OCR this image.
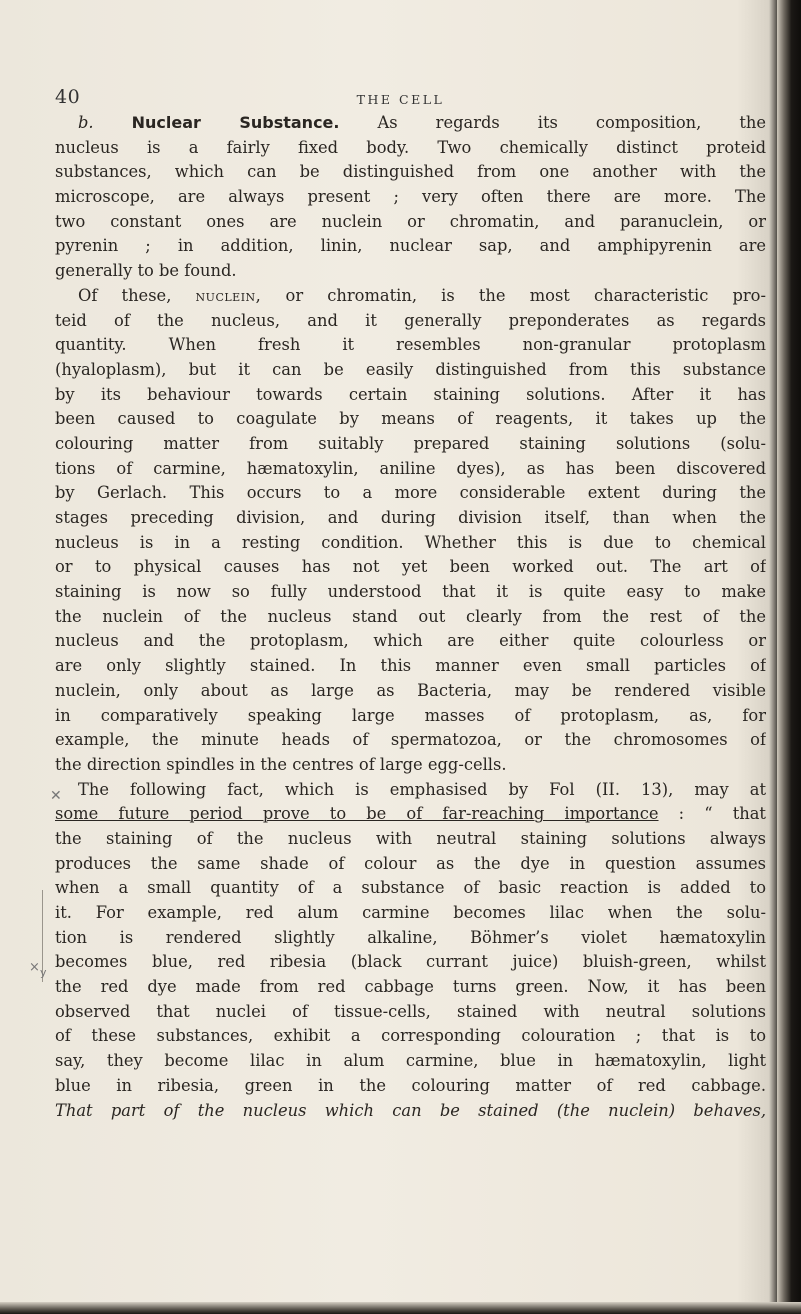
40	THE CELL
✕
× y
b. Nuclear Substance. As regards its composition, the
nucleus is a fairly fixed body. Two chemically distinct proteid
substances, which can be distinguished from one another with the
microscope, are always present ; very often there are more. The
two constant ones are nuclein or chromatin, and paranuclein, or
pyrenin ; in addition, linin, nuclear sap, and amphipyrenin are
generally to be found.
Of these, nuclein, or chromatin, is the most characteristic pro-
teid of the nucleus, and it generally preponderates as regards
quantity. When fresh it resembles non-granular protoplasm
(hyaloplasm), but it can be easily distinguished from this substance
by its behaviour towards certain staining solutions. After it has
been caused to coagulate by means of reagents, it takes up the
colouring matter from suitably prepared staining solutions (solu-
tions of carmine, hæmatoxylin, aniline dyes), as has been discovered
by Gerlach. This occurs to a more considerable extent during the
stages preceding division, and during division itself, than when the
nucleus is in a resting condition. Whether this is due to chemical
or to physical causes has not yet been worked out. The art of
staining is now so fully understood that it is quite easy to make
the nuclein of the nucleus stand out clearly from the rest of the
nucleus and the protoplasm, which are either quite colourless or
are only slightly stained. In this manner even small particles of
nuclein, only about as large as Bacteria, may be rendered visible
in comparatively speaking large masses of protoplasm, as, for
example, the minute heads of spermatozoa, or the chromosomes of
the direction spindles in the centres of large egg-cells.
The following fact, which is emphasised by Fol (II. 13), may at
some future period prove to be of far-reaching importance : “ that
the staining of the nucleus with neutral staining solutions always
produces the same shade of colour as the dye in question assumes
when a small quantity of a substance of basic reaction is added to
it. For example, red alum carmine becomes lilac when the solu-
tion is rendered slightly alkaline, Böhmer’s violet hæmatoxylin
becomes blue, red ribesia (black currant juice) bluish-green, whilst
the red dye made from red cabbage turns green. Now, it has been
observed that nuclei of tissue-cells, stained with neutral solutions
of these substances, exhibit a corresponding colouration ; that is to
say, they become lilac in alum carmine, blue in hæmatoxylin, light
blue in ribesia, green in the colouring matter of red cabbage.
That part of the nucleus which can be stained (the nuclein) behaves,
